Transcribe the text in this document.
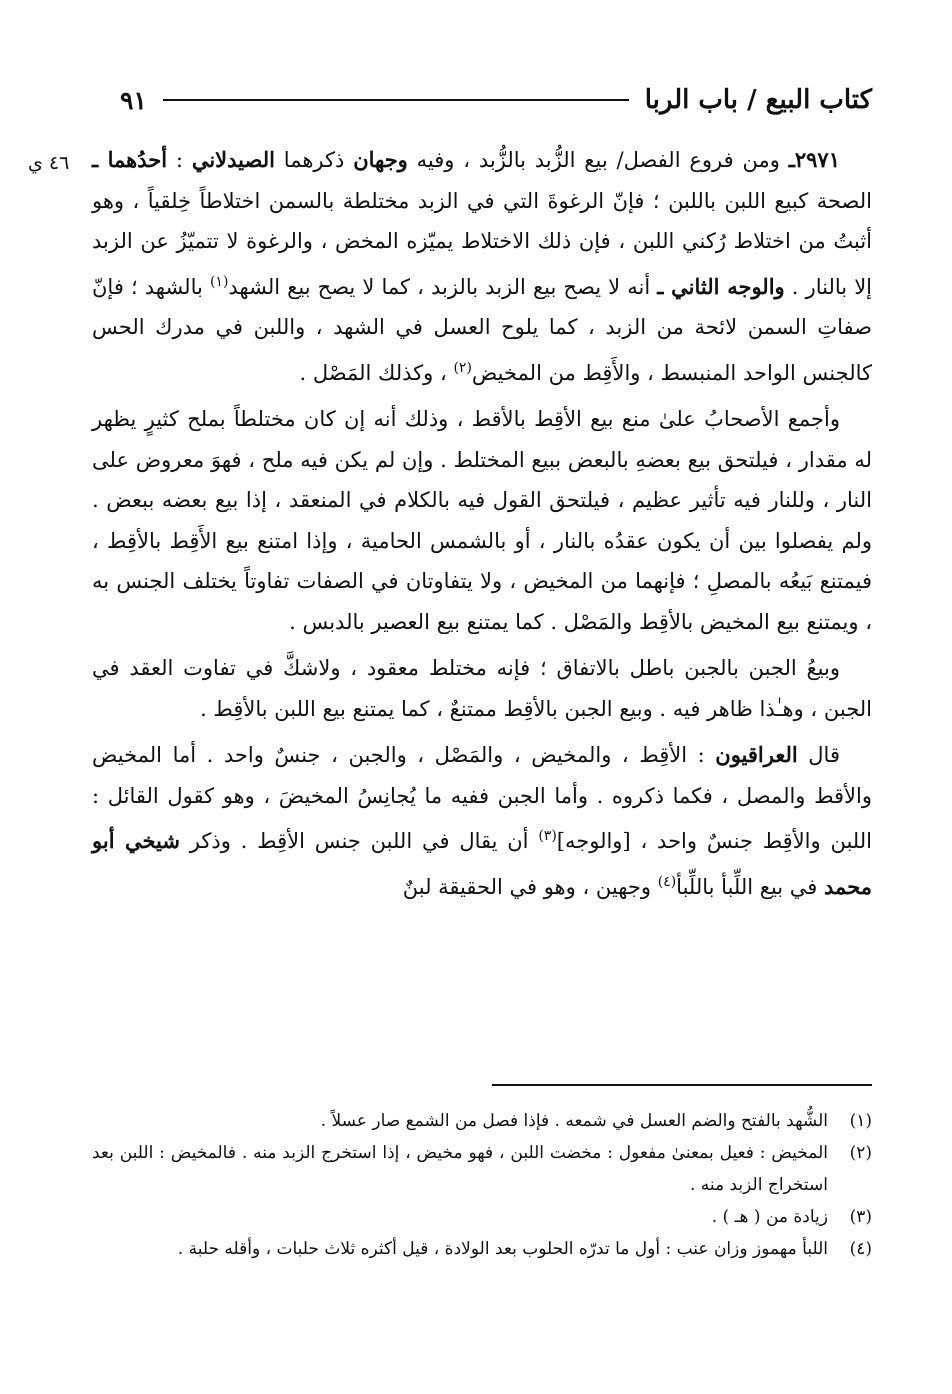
كتاب البيع / باب الربا
٩١
٤٦ ي	٢٩٧١ـ ومن فروع الفصل/ بيع الزُّبد بالزُّبد ، وفيه وجهان ذكرهما الصيدلاني : أحدُهما ـ الصحة كبيع اللبن باللبن ؛ فإنّ الرغوةَ التي في الزبد مختلطة بالسمن اختلاطاً خِلقياً ، وهو أثبتُ من اختلاط رُكني اللبن ، فإن ذلك الاختلاط يميّزه المخض ، والرغوة لا تتميّزُ عن الزبد إلا بالنار . والوجه الثاني ـ أنه لا يصح بيع الزبد بالزبد ، كما لا يصح بيع الشهد$^{(١)}$ بالشهد ؛ فإنّ صفاتِ السمن لائحة من الزبد ، كما يلوح العسل في الشهد ، واللبن في مدرك الحس كالجنس الواحد المنبسط ، والأَقِط من المخيض$^{(٢)}$ ، وكذلك المَصْل .

وأجمع الأصحابُ علىٰ منع بيع الأقِط بالأقط ، وذلك أنه إن كان مختلطاً بملح كثيرٍ يظهر له مقدار ، فيلتحق بيع بعضهِ بالبعض ببيع المختلط . وإن لم يكن فيه ملح ، فهوَ معروض على النار ، وللنار فيه تأثير عظيم ، فيلتحق القول فيه بالكلام في المنعقد ، إذا بيع بعضه ببعض . ولم يفصلوا بين أن يكون عقدُه بالنار ، أو بالشمس الحامية ، وإذا امتنع بيع الأَقِط بالأقِط ، فيمتنع بَيعُه بالمصلِ ؛ فإنهما من المخيض ، ولا يتفاوتان في الصفات تفاوتاً يختلف الجنس به ، ويمتنع بيع المخيض بالأقِط والمَصْل . كما يمتنع بيع العصير بالدبس .

وبيعُ الجبن بالجبن باطل بالاتفاق ؛ فإنه مختلط معقود ، ولاشكَّ في تفاوت العقد في الجبن ، وهـٰذا ظاهر فيه . وبيع الجبن بالأقِط ممتنعٌ ، كما يمتنع بيع اللبن بالأقِط .

قال العراقيون : الأقِط ، والمخيض ، والمَصْل ، والجبن ، جنسٌ واحد . أما المخيض والأقط والمصل ، فكما ذكروه . وأما الجبن ففيه ما يُجانِسُ المخيضَ ، وهو كقول القائل : اللبن والأقِط جنسٌ واحد ، [والوجه]$^{(٣)}$ أن يقال في اللبن جنس الأقِط . وذكر شيخي أبو محمد في بيع اللِّبأ باللِّبأ$^{(٤)}$ وجهين ، وهو في الحقيقة لبنٌ

(١)
الشُّهد بالفتح والضم العسل في شمعه . فإذا فصل من الشمع صار عسلاً .
(٢)
المخيض : فعيل بمعنىٰ مفعول : مخضت اللبن ، فهو مخيض ، إذا استخرج الزبد منه . فالمخيض : اللبن بعد استخراج الزبد منه .
(٣)
زيادة من ( هـ ) .
(٤)
اللبأ مهموز وزان عنب : أول ما تدرّه الحلوب بعد الولادة ، قيل أكثره ثلاث حلبات ، وأقله حلبة .
